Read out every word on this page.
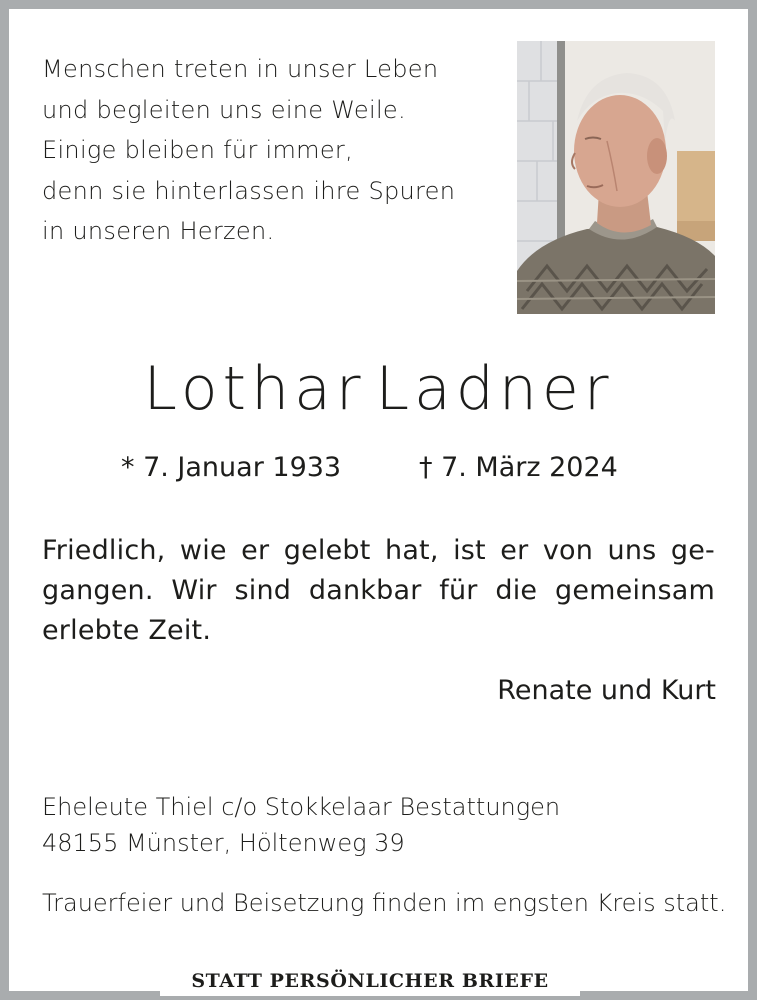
Menschen treten in unser Leben
und begleiten uns eine Weile.
Einige bleiben für immer,
denn sie hinterlassen ihre Spuren
in unseren Herzen.
Lothar Ladner
* 7. Januar 1933	† 7. März 2024
Friedlich, wie er gelebt hat, ist er von uns ge-
gangen. Wir sind dankbar für die gemeinsam
erlebte Zeit.
Renate und Kurt
Eheleute Thiel c/o Stokkelaar Bestattungen
48155 Münster, Höltenweg 39
Trauerfeier und Beisetzung finden im engsten Kreis statt.
STATT PERSÖNLICHER BRIEFE
